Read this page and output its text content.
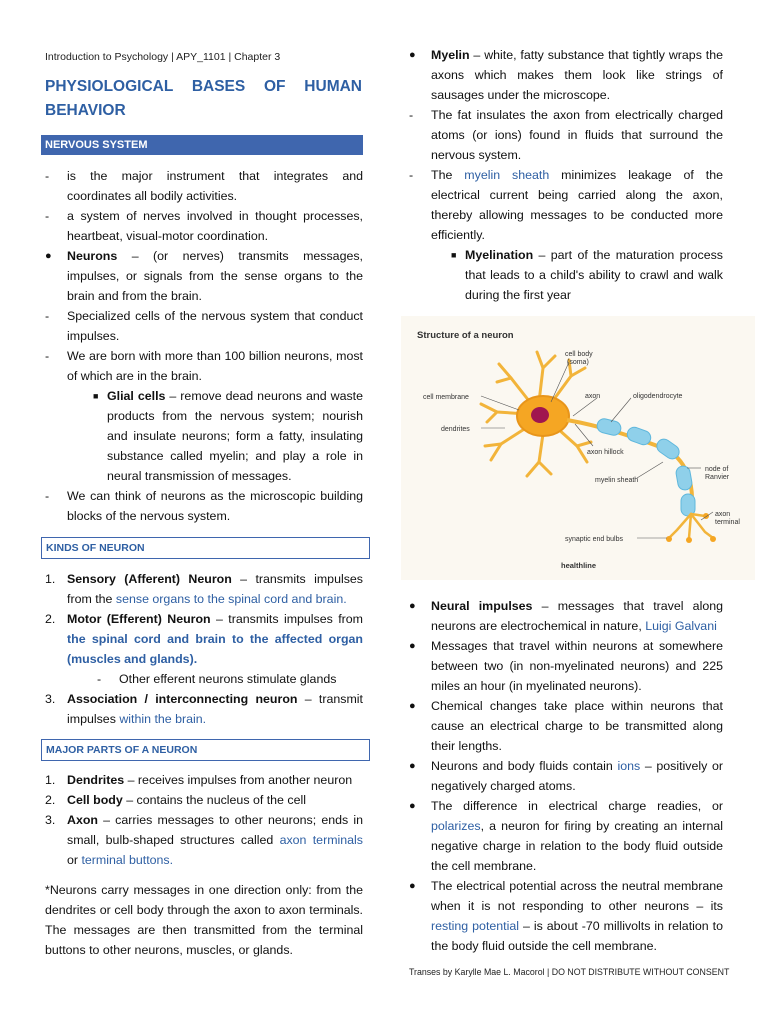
Introduction to Psychology | APY_1101 | Chapter 3
PHYSIOLOGICAL BASES OF HUMAN
BEHAVIOR
NERVOUS SYSTEM
-	is the major instrument that integrates and coordinates all bodily activities.
-	a system of nerves involved in thought processes, heartbeat, visual-motor coordination.
●	Neurons – (or nerves) transmits messages, impulses, or signals from the sense organs to the brain and from the brain.
-	Specialized cells of the nervous system that conduct impulses.
-	We are born with more than 100 billion neurons, most of which are in the brain.
■ Glial cells – remove dead neurons and waste products from the nervous system; nourish and insulate neurons; form a fatty, insulating substance called myelin; and play a role in neural transmission of messages.
-	We can think of neurons as the microscopic building blocks of the nervous system.
KINDS OF NEURON
1. Sensory (Afferent) Neuron – transmits impulses from the sense organs to the spinal cord and brain.
2. Motor (Efferent) Neuron – transmits impulses from the spinal cord and brain to the affected organ (muscles and glands).
-	Other efferent neurons stimulate glands
3. Association / interconnecting neuron – transmit impulses within the brain.
MAJOR PARTS OF A NEURON
1. Dendrites – receives impulses from another neuron
2. Cell body – contains the nucleus of the cell
3. Axon – carries messages to other neurons; ends in small, bulb-shaped structures called axon terminals or terminal buttons.
*Neurons carry messages in one direction only: from the dendrites or cell body through the axon to axon terminals. The messages are then transmitted from the terminal buttons to other neurons, muscles, or glands.
●	Myelin – white, fatty substance that tightly wraps the axons which makes them look like strings of sausages under the microscope.
-	The fat insulates the axon from electrically charged atoms (or ions) found in fluids that surround the nervous system.
-	The myelin sheath minimizes leakage of the electrical current being carried along the axon, thereby allowing messages to be conducted more efficiently.
■ Myelination – part of the maturation process that leads to a child's ability to crawl and walk during the first year
Structure of a neuron
cell body
(soma)
cell membrane	axon	oligodendrocyte
dendrites
axon hillock
node of
Ranvier
myelin sheath
axon
terminal
synaptic end bulbs
healthline
●	Neural impulses – messages that travel along neurons are electrochemical in nature, Luigi Galvani
●	Messages that travel within neurons at somewhere between two (in non-myelinated neurons) and 225 miles an hour (in myelinated neurons).
●	Chemical changes take place within neurons that cause an electrical charge to be transmitted along their lengths.
●	Neurons and body fluids contain ions – positively or negatively charged atoms.
●	The difference in electrical charge readies, or polarizes, a neuron for firing by creating an internal negative charge in relation to the body fluid outside the cell membrane.
●	The electrical potential across the neutral membrane when it is not responding to other neurons – its resting potential – is about -70 millivolts in relation to the body fluid outside the cell membrane.
Transes by Karylle Mae L. Macorol | DO NOT DISTRIBUTE WITHOUT CONSENT
